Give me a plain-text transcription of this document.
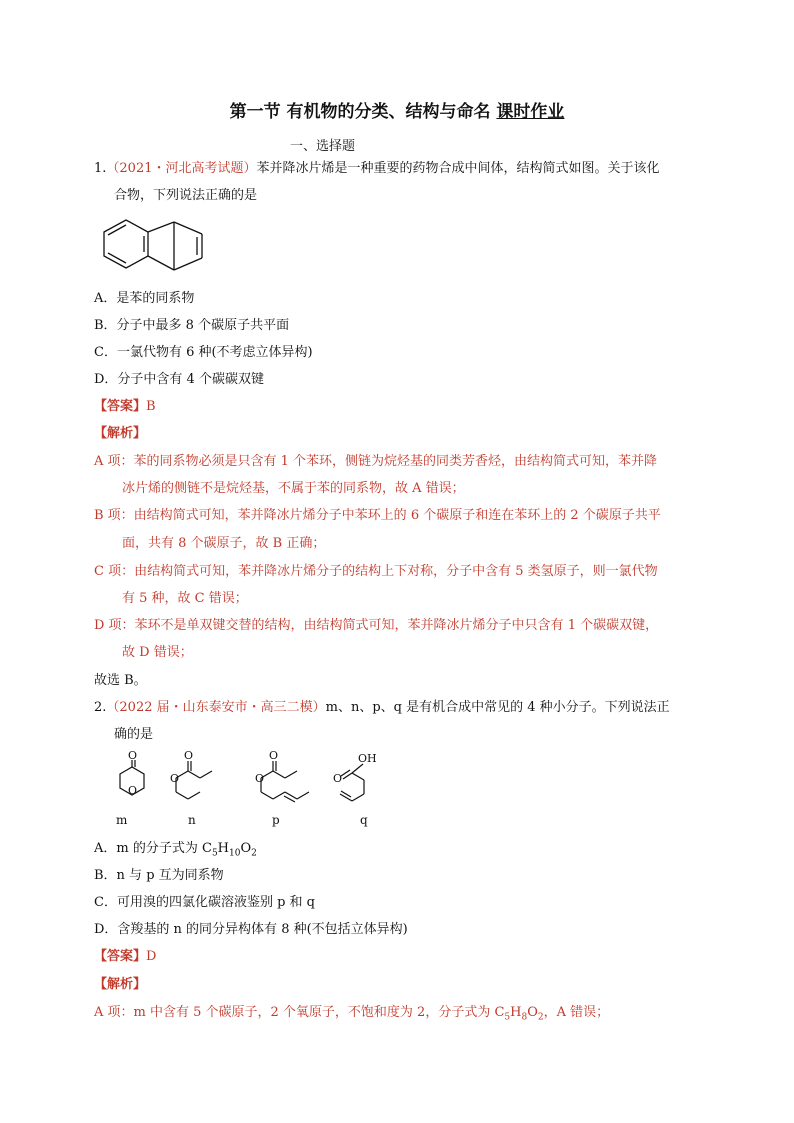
第一节 有机物的分类、结构与命名 课时作业
一、选择题
1.（2021・河北高考试题）苯并降冰片烯是一种重要的药物合成中间体，结构简式如图。关于该化
合物，下列说法正确的是
A．是苯的同系物
B．分子中最多 8 个碳原子共平面
C．一氯代物有 6 种(不考虑立体异构)
D．分子中含有 4 个碳碳双键
【答案】B
【解析】
A 项：苯的同系物必须是只含有 1 个苯环，侧链为烷烃基的同类芳香烃，由结构简式可知，苯并降
冰片烯的侧链不是烷烃基，不属于苯的同系物，故 A 错误；
B 项：由结构简式可知，苯并降冰片烯分子中苯环上的 6 个碳原子和连在苯环上的 2 个碳原子共平
面，共有 8 个碳原子，故 B 正确；
C 项：由结构简式可知，苯并降冰片烯分子的结构上下对称，分子中含有 5 类氢原子，则一氯代物
有 5 种，故 C 错误；
D 项：苯环不是单双键交替的结构，由结构简式可知，苯并降冰片烯分子中只含有 1 个碳碳双键，
故 D 错误；
故选 B。
2.（2022 届・山东泰安市・高三二模）m、n、p、q 是有机合成中常见的 4 种小分子。下列说法正
确的是
O
O
O
O
O
O	OH
O
m	n	p	q
A．m 的分子式为 $C_5H_{10}O_2$
B．n 与 p 互为同系物
C．可用溴的四氯化碳溶液鉴别 p 和 q
D．含羧基的 n 的同分异构体有 8 种(不包括立体异构)
【答案】D
【解析】
A 项：m 中含有 5 个碳原子，2 个氧原子，不饱和度为 2，分子式为 $C_5H_8O_2$，A 错误；
